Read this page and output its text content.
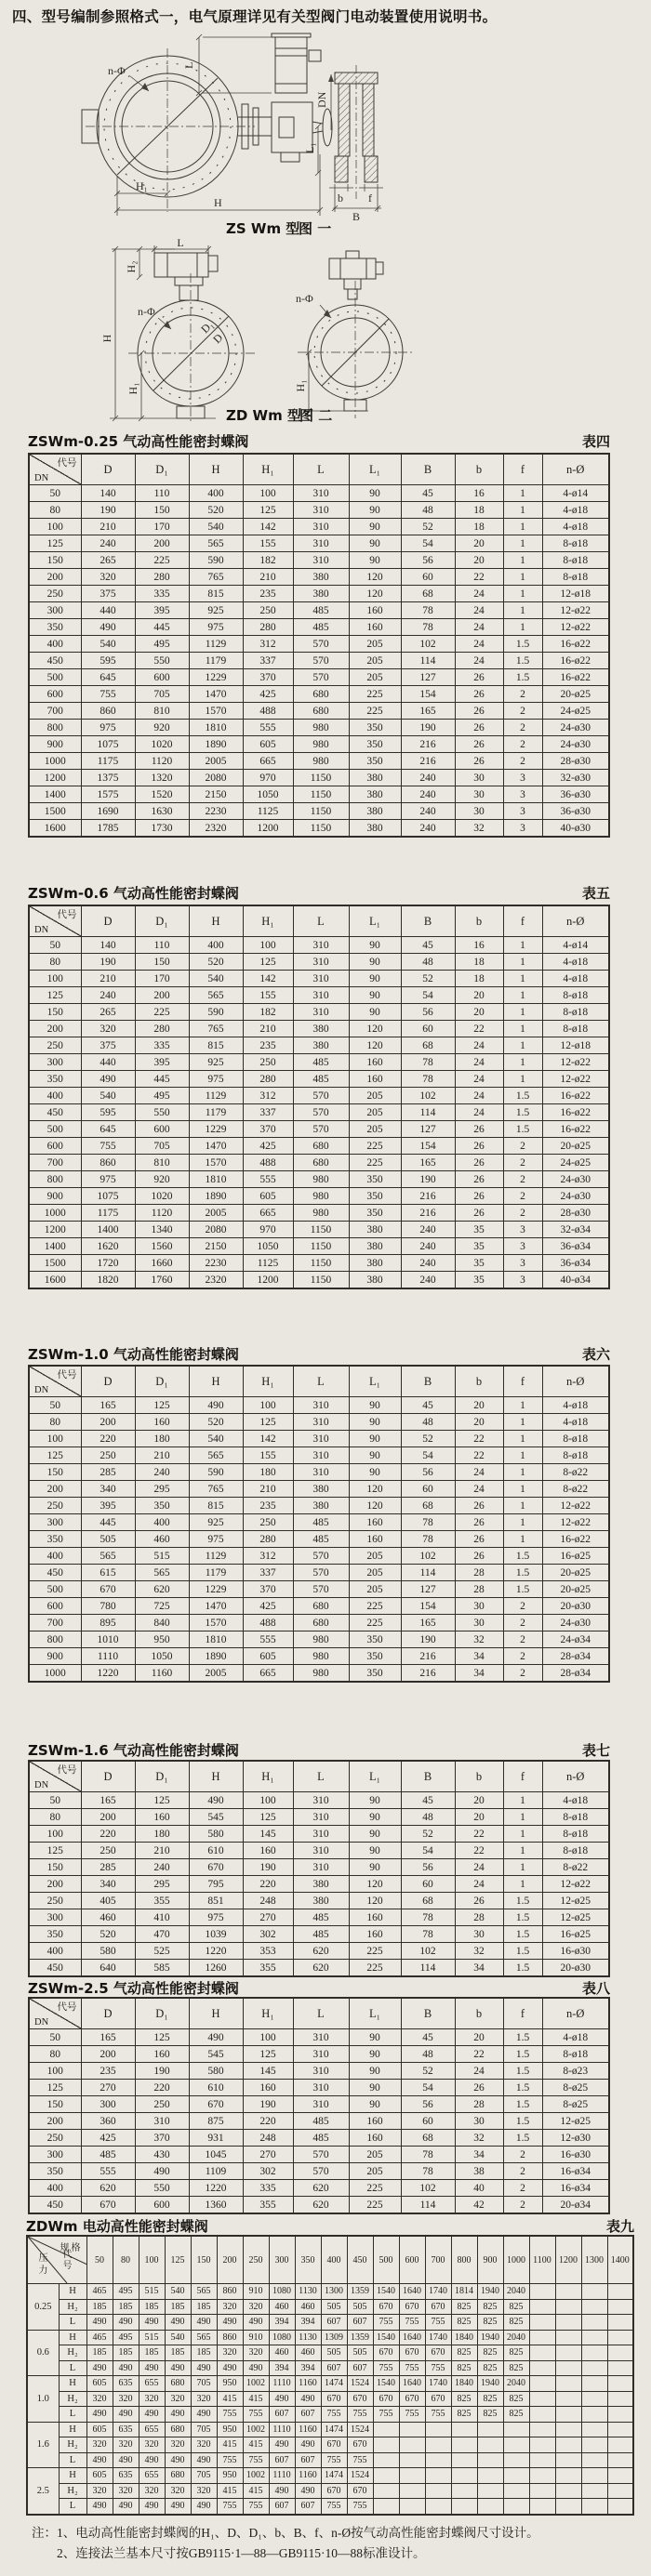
四、型号编制参照格式一，电气原理详见有关型阀门电动装置使用说明书。
n-Φ	L
L₁
H₁
H
DN
b f
B
ZS Wm 型
图 一
L
H₂
H
H₁
n-Φ
D₁
D
n-Φ
H₁
ZD Wm 型
图 二
ZSWm-0.25 气动高性能密封蝶阀	表四
代号
DN	D	D₁	H	H₁	L	L₁	B	b	f	n-Ø
50	140	110	400	100	310	90	45	16	1	4-ø14
80	190	150	520	125	310	90	48	18	1	4-ø18
100	210	170	540	142	310	90	52	18	1	4-ø18
125	240	200	565	155	310	90	54	20	1	8-ø18
150	265	225	590	182	310	90	56	20	1	8-ø18
200	320	280	765	210	380	120	60	22	1	8-ø18
250	375	335	815	235	380	120	68	24	1	12-ø18
300	440	395	925	250	485	160	78	24	1	12-ø22
350	490	445	975	280	485	160	78	24	1	12-ø22
400	540	495	1129	312	570	205	102	24	1.5	16-ø22
450	595	550	1179	337	570	205	114	24	1.5	16-ø22
500	645	600	1229	370	570	205	127	26	1.5	16-ø22
600	755	705	1470	425	680	225	154	26	2	20-ø25
700	860	810	1570	488	680	225	165	26	2	24-ø25
800	975	920	1810	555	980	350	190	26	2	24-ø30
900	1075	1020	1890	605	980	350	216	26	2	24-ø30
1000	1175	1120	2005	665	980	350	216	26	2	28-ø30
1200	1375	1320	2080	970	1150	380	240	30	3	32-ø30
1400	1575	1520	2150	1050	1150	380	240	30	3	36-ø30
1500	1690	1630	2230	1125	1150	380	240	30	3	36-ø30
1600	1785	1730	2320	1200	1150	380	240	32	3	40-ø30
ZSWm-0.6 气动高性能密封蝶阀	表五
代号
DN	D	D₁	H	H₁	L	L₁	B	b	f	n-Ø
50	140	110	400	100	310	90	45	16	1	4-ø14
80	190	150	520	125	310	90	48	18	1	4-ø18
100	210	170	540	142	310	90	52	18	1	4-ø18
125	240	200	565	155	310	90	54	20	1	8-ø18
150	265	225	590	182	310	90	56	20	1	8-ø18
200	320	280	765	210	380	120	60	22	1	8-ø18
250	375	335	815	235	380	120	68	24	1	12-ø18
300	440	395	925	250	485	160	78	24	1	12-ø22
350	490	445	975	280	485	160	78	24	1	12-ø22
400	540	495	1129	312	570	205	102	24	1.5	16-ø22
450	595	550	1179	337	570	205	114	24	1.5	16-ø22
500	645	600	1229	370	570	205	127	26	1.5	16-ø22
600	755	705	1470	425	680	225	154	26	2	20-ø25
700	860	810	1570	488	680	225	165	26	2	24-ø25
800	975	920	1810	555	980	350	190	26	2	24-ø30
900	1075	1020	1890	605	980	350	216	26	2	24-ø30
1000	1175	1120	2005	665	980	350	216	26	2	28-ø30
1200	1400	1340	2080	970	1150	380	240	35	3	32-ø34
1400	1620	1560	2150	1050	1150	380	240	35	3	36-ø34
1500	1720	1660	2230	1125	1150	380	240	35	3	36-ø34
1600	1820	1760	2320	1200	1150	380	240	35	3	40-ø34
ZSWm-1.0 气动高性能密封蝶阀	表六
代号
DN	D	D₁	H	H₁	L	L₁	B	b	f	n-Ø
50	165	125	490	100	310	90	45	20	1	4-ø18
80	200	160	520	125	310	90	48	20	1	4-ø18
100	220	180	540	142	310	90	52	22	1	8-ø18
125	250	210	565	155	310	90	54	22	1	8-ø18
150	285	240	590	180	310	90	56	24	1	8-ø22
200	340	295	765	210	380	120	60	24	1	8-ø22
250	395	350	815	235	380	120	68	26	1	12-ø22
300	445	400	925	250	485	160	78	26	1	12-ø22
350	505	460	975	280	485	160	78	26	1	16-ø22
400	565	515	1129	312	570	205	102	26	1.5	16-ø25
450	615	565	1179	337	570	205	114	28	1.5	20-ø25
500	670	620	1229	370	570	205	127	28	1.5	20-ø25
600	780	725	1470	425	680	225	154	30	2	20-ø30
700	895	840	1570	488	680	225	165	30	2	24-ø30
800	1010	950	1810	555	980	350	190	32	2	24-ø34
900	1110	1050	1890	605	980	350	216	34	2	28-ø34
1000	1220	1160	2005	665	980	350	216	34	2	28-ø34
ZSWm-1.6 气动高性能密封蝶阀	表七
代号
DN	D	D₁	H	H₁	L	L₁	B	b	f	n-Ø
50	165	125	490	100	310	90	45	20	1	4-ø18
80	200	160	545	125	310	90	48	20	1	8-ø18
100	220	180	580	145	310	90	52	22	1	8-ø18
125	250	210	610	160	310	90	54	22	1	8-ø18
150	285	240	670	190	310	90	56	24	1	8-ø22
200	340	295	795	220	380	120	60	24	1	12-ø22
250	405	355	851	248	380	120	68	26	1.5	12-ø25
300	460	410	975	270	485	160	78	28	1.5	12-ø25
350	520	470	1039	302	485	160	78	30	1.5	16-ø25
400	580	525	1220	353	620	225	102	32	1.5	16-ø30
450	640	585	1260	355	620	225	114	34	1.5	20-ø30
ZSWm-2.5 气动高性能密封蝶阀	表八
代号
DN	D	D₁	H	H₁	L	L₁	B	b	f	n-Ø
50	165	125	490	100	310	90	45	20	1.5	4-ø18
80	200	160	545	125	310	90	48	22	1.5	8-ø18
100	235	190	580	145	310	90	52	24	1.5	8-ø23
125	270	220	610	160	310	90	54	26	1.5	8-ø25
150	300	250	670	190	310	90	56	28	1.5	8-ø25
200	360	310	875	220	485	160	60	30	1.5	12-ø25
250	425	370	931	248	485	160	68	32	1.5	12-ø30
300	485	430	1045	270	570	205	78	34	2	16-ø30
350	555	490	1109	302	570	205	78	38	2	16-ø34
400	620	550	1220	335	620	225	102	40	2	16-ø34
450	670	600	1360	355	620	225	114	42	2	20-ø34
ZDWm 电动高性能密封蝶阀	表九
规格
代号
压力		50	80	100	125	150	200	250	300	350	400	450	500	600	700	800	900	1000	1100	1200	1300	1400
0.25	H	465	495	515	540	565	860	910	1080	1130	1300	1359	1540	1640	1740	1814	1940	2040				
	H₂	185	185	185	185	185	320	320	460	460	505	505	670	670	670	825	825	825				
	L	490	490	490	490	490	490	490	394	394	607	607	755	755	755	825	825	825				
0.6	H	465	495	515	540	565	860	910	1080	1130	1309	1359	1540	1640	1740	1840	1940	2040				
	H₂	185	185	185	185	185	320	320	460	460	505	505	670	670	670	825	825	825				
	L	490	490	490	490	490	490	490	394	394	607	607	755	755	755	825	825	825				
1.0	H	605	635	655	680	705	950	1002	1110	1160	1474	1524	1540	1640	1740	1840	1940	2040				
	H₂	320	320	320	320	320	415	415	490	490	670	670	670	670	670	825	825	825				
	L	490	490	490	490	490	755	755	607	607	755	755	755	755	755	825	825	825				
1.6	H	605	635	655	680	705	950	1002	1110	1160	1474	1524										
	H₂	320	320	320	320	320	415	415	490	490	670	670										
	L	490	490	490	490	490	755	755	607	607	755	755										
2.5	H	605	635	655	680	705	950	1002	1110	1160	1474	1524										
	H₂	320	320	320	320	320	415	415	490	490	670	670										
	L	490	490	490	490	490	755	755	607	607	755	755										
注：1、电动高性能密封蝶阀的H₁、D、D₁、b、B、f、n-Ø按气动高性能密封蝶阀尺寸设计。
2、连接法兰基本尺寸按GB9115·1—88—GB9115·10—88标准设计。
